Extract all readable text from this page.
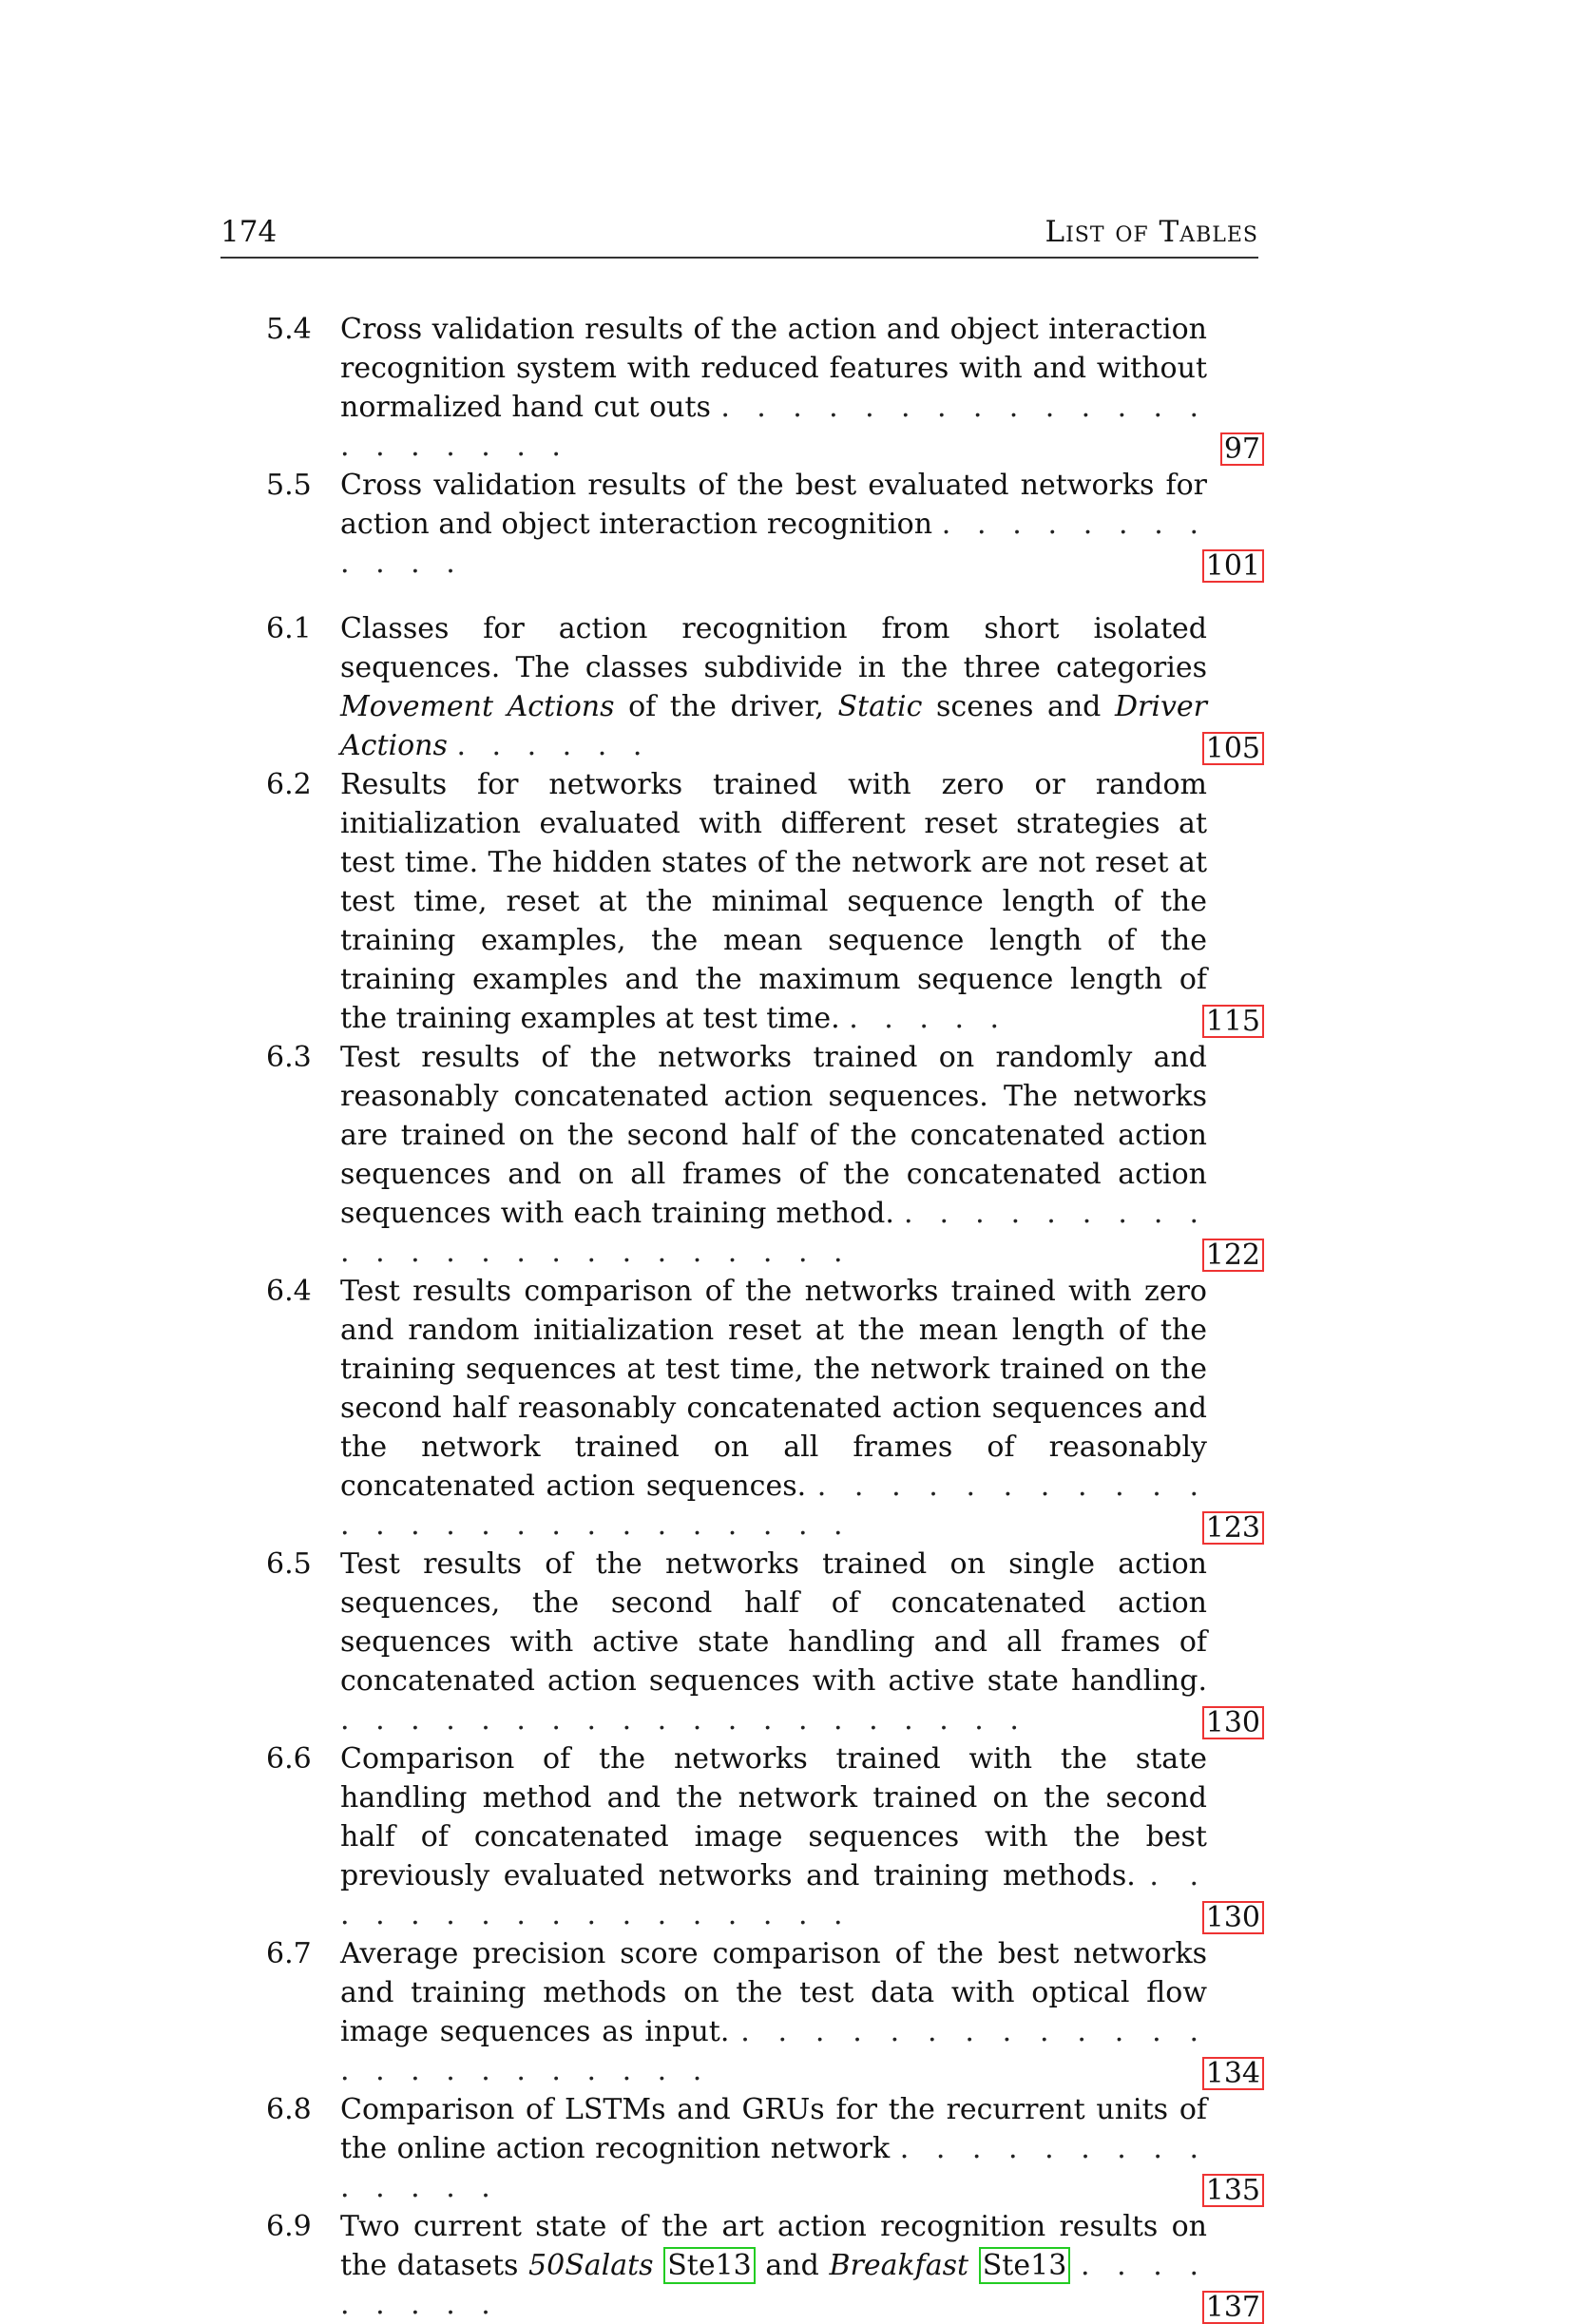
174	List of Tables
5.4 Cross validation results of the action and object interaction recognition system with reduced features with and without normalized hand cut outs . . . . . . . . . . . . . . . . . . . . .	97
5.5 Cross validation results of the best evaluated networks for action and object interaction recognition . . . . . . . . . . . .	101
6.1 Classes for action recognition from short isolated sequences. The classes subdivide in the three categories Movement Actions of the driver, Static scenes and Driver Actions . . . . . .	105
6.2 Results for networks trained with zero or random initialization evaluated with different reset strategies at test time. The hidden states of the network are not reset at test time, reset at the minimal sequence length of the training examples, the mean sequence length of the training examples and the maximum sequence length of the training examples at test time. . . . . .	115
6.3 Test results of the networks trained on randomly and reasonably concatenated action sequences. The networks are trained on the second half of the concatenated action sequences and on all frames of the concatenated action sequences with each training method. . . . . . . . . . . . . . . . . . . . . . . . .	122
6.4 Test results comparison of the networks trained with zero and random initialization reset at the mean length of the training sequences at test time, the network trained on the second half reasonably concatenated action sequences and the network trained on all frames of reasonably concatenated action sequences. . . . . . . . . . . . . . . . . . . . . . . . . . .	123
6.5 Test results of the networks trained on single action sequences, the second half of concatenated action sequences with active state handling and all frames of concatenated action sequences with active state handling. . . . . . . . . . . . . . . . . . . . .	130
6.6 Comparison of the networks trained with the state handling method and the network trained on the second half of concatenated image sequences with the best previously evaluated networks and training methods. . . . . . . . . . . . . . . . . .	130
6.7 Average precision score comparison of the best networks and training methods on the test data with optical flow image sequences as input. . . . . . . . . . . . . . . . . . . . . . . . .	134
6.8 Comparison of LSTMs and GRUs for the recurrent units of the online action recognition network . . . . . . . . . . . . . .	135
6.9 Two current state of the art action recognition results on the datasets 50Salats Ste13 and Breakfast Ste13 . . . . . . . . .	137
